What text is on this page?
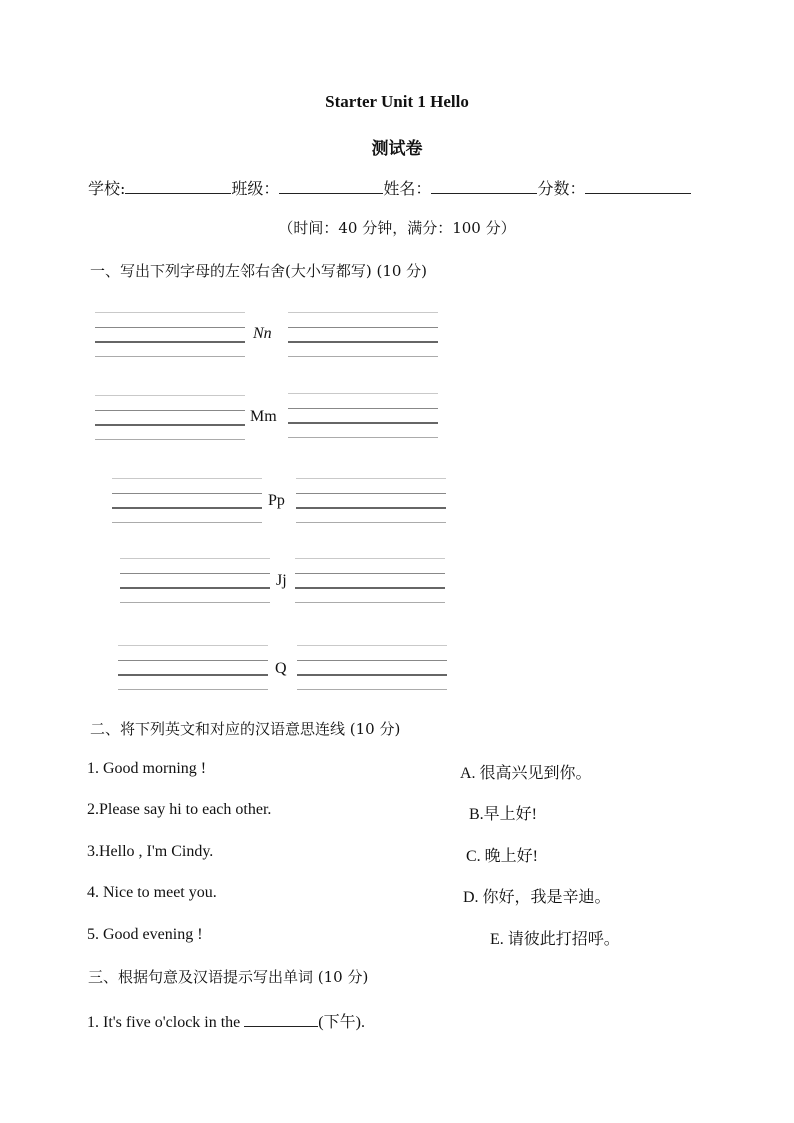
Starter Unit 1 Hello
测试卷
学校:	班级：	姓名：	分数：
（时间：40 分钟，满分：100 分）
一、写出下列字母的左邻右舍(大小写都写) (10 分)
Nn
Mm
Pp
Jj
Q
二、将下列英文和对应的汉语意思连线 (10 分)
1. Good morning !
2.Please say hi to each other.
3.Hello , I'm Cindy.
4. Nice to meet you.
5. Good evening !
A. 很高兴见到你。
B.早上好!
C. 晚上好!
D. 你好，我是辛迪。
E. 请彼此打招呼。
三、根据句意及汉语提示写出单词 (10 分)
1. It's five o'clock in the	(下午).
